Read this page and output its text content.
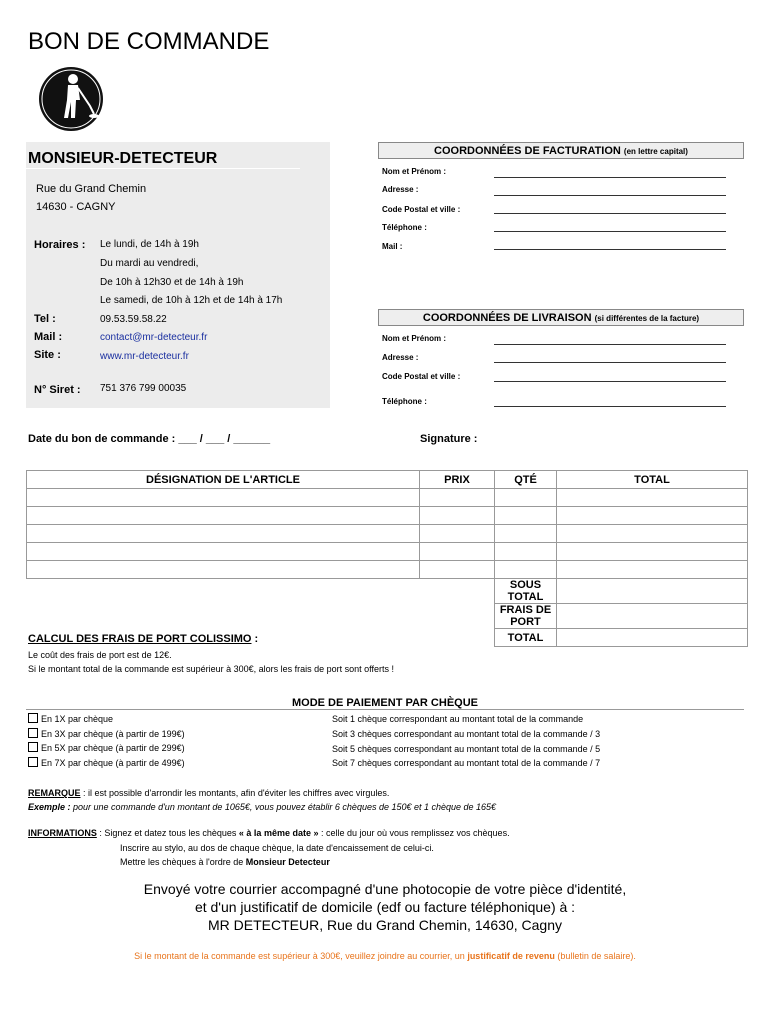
BON DE COMMANDE
MONSIEUR-DETECTEUR
Rue du Grand Chemin
14630 - CAGNY
Horaires : Le lundi, de 14h à 19h
Du mardi au vendredi,
De 10h à 12h30 et de 14h à 19h
Le samedi, de 10h à 12h et de 14h à 17h
Tel :	09.53.59.58.22
Mail :	contact@mr-detecteur.fr
Site :	www.mr-detecteur.fr
N° Siret : 751 376 799 00035
COORDONNÉES DE FACTURATION (en lettre capital)
Nom et Prénom :
Adresse :
Code Postal et ville :
Téléphone :
Mail :
COORDONNÉES DE LIVRAISON (si différentes de la facture)
Nom et Prénom :
Adresse :
Code Postal et ville :
Téléphone :
Date du bon de commande : ___ / ___ / ______	Signature :
DÉSIGNATION DE L'ARTICLE	PRIX	QTÉ	TOTAL

		SOUS TOTAL	
		FRAIS DE PORT	
		TOTAL	
CALCUL DES FRAIS DE PORT COLISSIMO :
Le coût des frais de port est de 12€.
Si le montant total de la commande est supérieur à 300€, alors les frais de port sont offerts !
MODE DE PAIEMENT PAR CHÈQUE
En 1X par chèque	Soit 1 chèque correspondant au montant total de la commande
En 3X par chèque (à partir de 199€)	Soit 3 chèques correspondant au montant total de la commande / 3
En 5X par chèque (à partir de 299€)	Soit 5 chèques correspondant au montant total de la commande / 5
En 7X par chèque (à partir de 499€)	Soit 7 chèques correspondant au montant total de la commande / 7
REMARQUE : il est possible d'arrondir les montants, afin d'éviter les chiffres avec virgules.
Exemple : pour une commande d'un montant de 1065€, vous pouvez établir 6 chèques de 150€ et 1 chèque de 165€
INFORMATIONS : Signez et datez tous les chèques « à la même date » : celle du jour où vous remplissez vos chèques.
Inscrire au stylo, au dos de chaque chèque, la date d'encaissement de celui-ci.
Mettre les chèques à l'ordre de Monsieur Detecteur
Envoyé votre courrier accompagné d'une photocopie de votre pièce d'identité,
et d'un justificatif de domicile (edf ou facture téléphonique) à :
MR DETECTEUR, Rue du Grand Chemin, 14630, Cagny
Si le montant de la commande est supérieur à 300€, veuillez joindre au courrier, un justificatif de revenu (bulletin de salaire).
